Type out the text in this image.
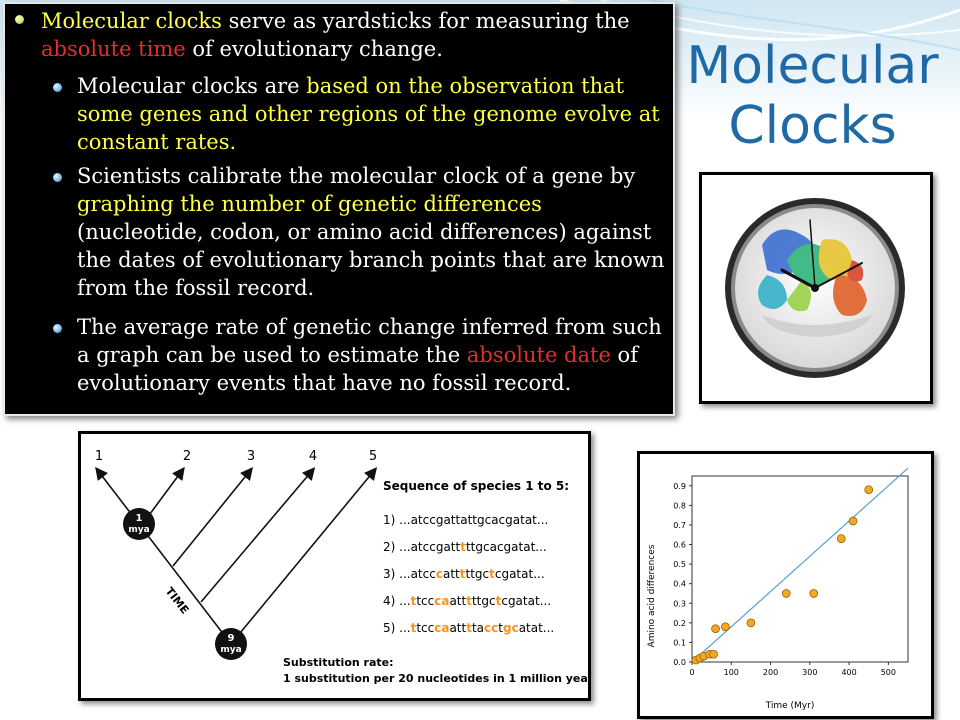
Molecular clocks serve as yardsticks for measuring the absolute time of evolutionary change.

Molecular clocks are based on the observation that some genes and other regions of the genome evolve at constant rates.

Scientists calibrate the molecular clock of a gene by graphing the number of genetic differences (nucleotide, codon, or amino acid differences) against the dates of evolutionary branch points that are known from the fossil record.

The average rate of genetic change inferred from such a graph can be used to estimate the absolute date of evolutionary events that have no fossil record.

Molecular
Clocks
1	2	3	4	5
1
mya
9
mya
TIME
Sequence of species 1 to 5:
1) ...atccgattattgcacgatat...
2) ...atccgatttttgcacgatat...
3) ...atcccatttttgctcgatat...
4) ...ttcccaatttttgctcgatat...
5) ...ttcccaattttacctgcatat...
Substitution rate:
1 substitution per 20 nucleotides in 1 million years
Amino acid differences
Time (Myr)
0.0
0.1
0.2
0.3
0.4
0.5
0.6
0.7
0.8
0.9
0	100	200	300	400	500
